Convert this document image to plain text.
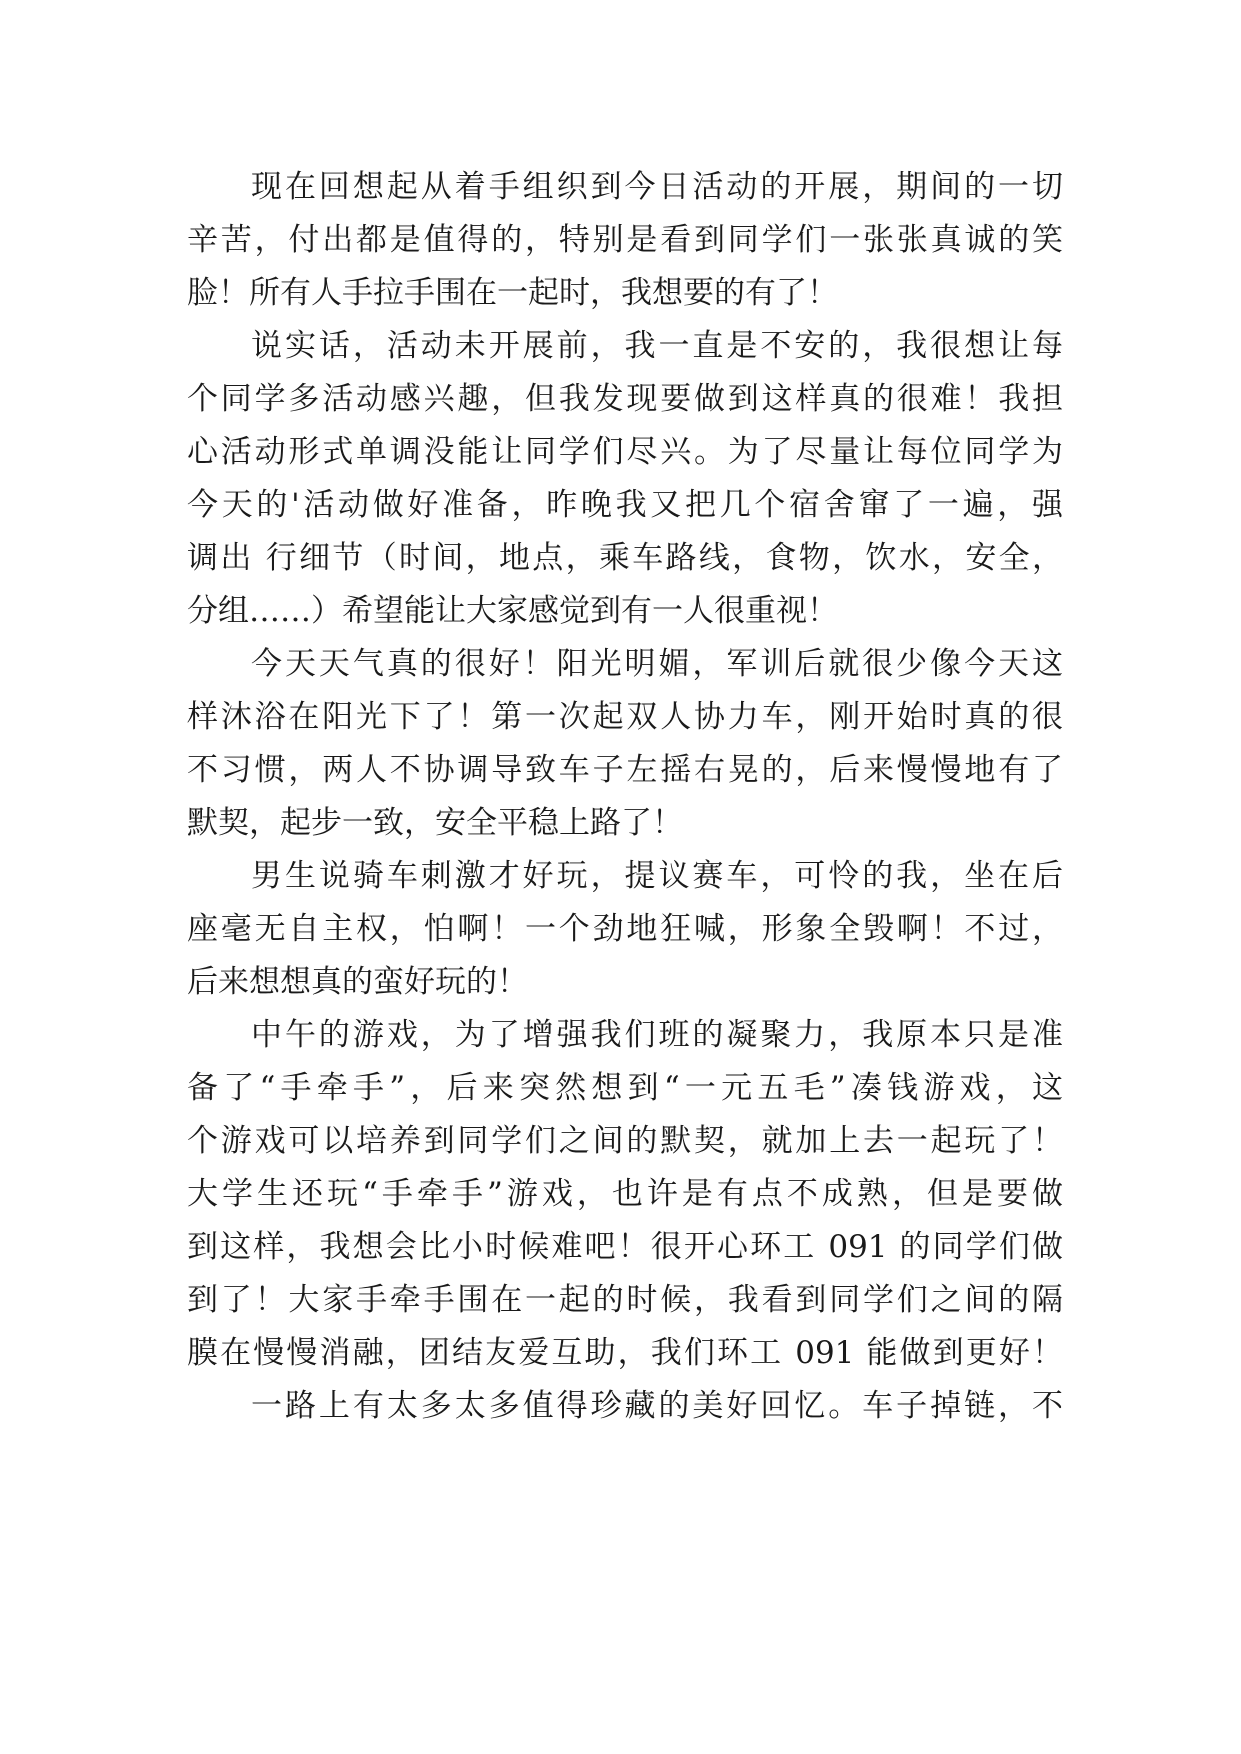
现在回想起从着手组织到今日活动的开展，期间的一切
辛苦，付出都是值得的，特别是看到同学们一张张真诚的笑
脸！所有人手拉手围在一起时，我想要的有了！
说实话，活动未开展前，我一直是不安的，我很想让每
个同学多活动感兴趣，但我发现要做到这样真的很难！我担
心活动形式单调没能让同学们尽兴。为了尽量让每位同学为
今天的'活动做好准备，昨晚我又把几个宿舍窜了一遍，强
调出 行细节（时间，地点，乘车路线，食物，饮水，安全，
分组……）希望能让大家感觉到有一人很重视！
今天天气真的很好！阳光明媚，军训后就很少像今天这
样沐浴在阳光下了！第一次起双人协力车，刚开始时真的很
不习惯，两人不协调导致车子左摇右晃的，后来慢慢地有了
默契，起步一致，安全平稳上路了！
男生说骑车刺激才好玩，提议赛车，可怜的我，坐在后
座毫无自主权，怕啊！一个劲地狂喊，形象全毁啊！不过，
后来想想真的蛮好玩的！
中午的游戏，为了增强我们班的凝聚力，我原本只是准
备了“手牵手”，后来突然想到“一元五毛”凑钱游戏，这
个游戏可以培养到同学们之间的默契，就加上去一起玩了！
大学生还玩“手牵手”游戏，也许是有点不成熟，但是要做
到这样，我想会比小时候难吧！很开心环工 091 的同学们做
到了！大家手牵手围在一起的时候，我看到同学们之间的隔
膜在慢慢消融，团结友爱互助，我们环工 091 能做到更好！
一路上有太多太多值得珍藏的美好回忆。车子掉链，不
